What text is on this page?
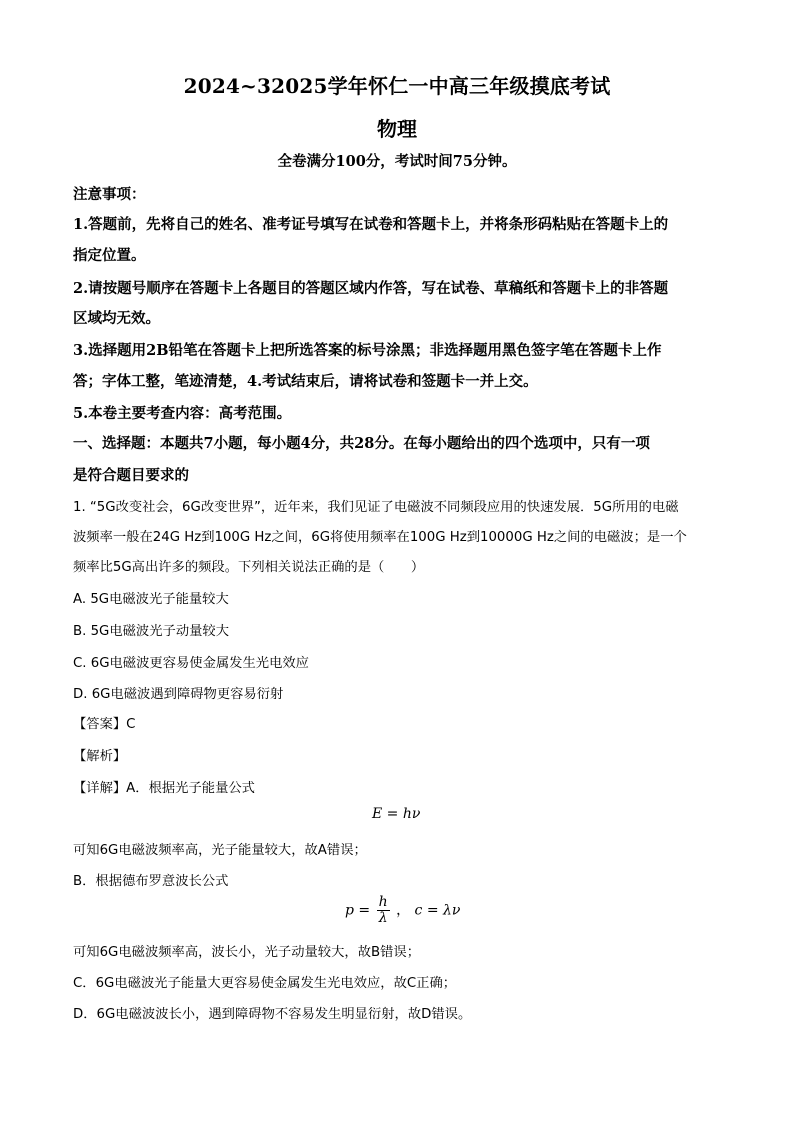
2024~32025学年怀仁一中高三年级摸底考试
物理
全卷满分100分，考试时间75分钟。
注意事项：
1.答题前，先将自己的姓名、准考证号填写在试卷和答题卡上，并将条形码粘贴在答题卡上的
指定位置。
2.请按题号顺序在答题卡上各题目的答题区域内作答，写在试卷、草稿纸和答题卡上的非答题
区域均无效。
3.选择题用2B铅笔在答题卡上把所选答案的标号涂黑；非选择题用黑色签字笔在答题卡上作
答；字体工整，笔迹清楚，4.考试结束后，请将试卷和签题卡一并上交。
5.本卷主要考查内容：高考范围。
一、选择题：本题共7小题，每小题4分，共28分。在每小题给出的四个选项中，只有一项
是符合题目要求的
1. “5G改变社会，6G改变世界”，近年来，我们见证了电磁波不同频段应用的快速发展．5G所用的电磁
波频率一般在24G Hz到100G Hz之间，6G将使用频率在100G Hz到10000G Hz之间的电磁波；是一个
频率比5G高出许多的频段。下列相关说法正确的是（　　）
A. 5G电磁波光子能量较大
B. 5G电磁波光子动量较大
C. 6G电磁波更容易使金属发生光电效应
D. 6G电磁波遇到障碍物更容易衍射
【答案】C
【解析】
【详解】A．根据光子能量公式
E = hν
可知6G电磁波频率高，光子能量较大，故A错误；
B．根据德布罗意波长公式
$p = \frac{h}{\lambda}$ ， c = λν
可知6G电磁波频率高，波长小，光子动量较大，故B错误；
C．6G电磁波光子能量大更容易使金属发生光电效应，故C正确；
D．6G电磁波波长小，遇到障碍物不容易发生明显衍射，故D错误。
